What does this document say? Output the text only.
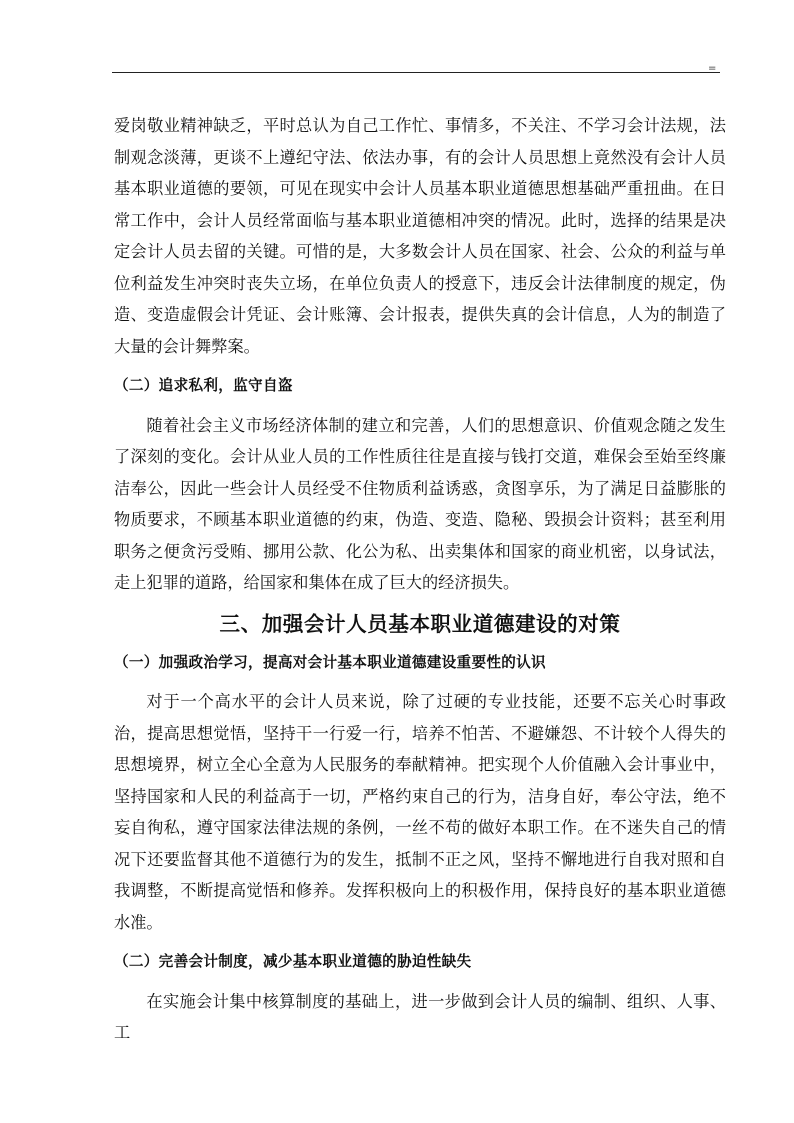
=

爱岗敬业精神缺乏，平时总认为自己工作忙、事情多，不关注、不学习会计法规，法制观念淡薄，更谈不上遵纪守法、依法办事，有的会计人员思想上竟然没有会计人员基本职业道德的要领，可见在现实中会计人员基本职业道德思想基础严重扭曲。在日常工作中，会计人员经常面临与基本职业道德相冲突的情况。此时，选择的结果是决定会计人员去留的关键。可惜的是，大多数会计人员在国家、社会、公众的利益与单位利益发生冲突时丧失立场，在单位负责人的授意下，违反会计法律制度的规定，伪造、变造虚假会计凭证、会计账簿、会计报表，提供失真的会计信息，人为的制造了大量的会计舞弊案。

（二）追求私利，监守自盗

随着社会主义市场经济体制的建立和完善，人们的思想意识、价值观念随之发生了深刻的变化。会计从业人员的工作性质往往是直接与钱打交道，难保会至始至终廉洁奉公，因此一些会计人员经受不住物质利益诱惑，贪图享乐，为了满足日益膨胀的物质要求，不顾基本职业道德的约束，伪造、变造、隐秘、毁损会计资料；甚至利用职务之便贪污受贿、挪用公款、化公为私、出卖集体和国家的商业机密，以身试法，走上犯罪的道路，给国家和集体在成了巨大的经济损失。

三、加强会计人员基本职业道德建设的对策

（一）加强政治学习，提高对会计基本职业道德建设重要性的认识

对于一个高水平的会计人员来说，除了过硬的专业技能，还要不忘关心时事政治，提高思想觉悟，坚持干一行爱一行，培养不怕苦、不避嫌怨、不计较个人得失的思想境界，树立全心全意为人民服务的奉献精神。把实现个人价值融入会计事业中，坚持国家和人民的利益高于一切，严格约束自己的行为，洁身自好，奉公守法，绝不妄自徇私，遵守国家法律法规的条例，一丝不苟的做好本职工作。在不迷失自己的情况下还要监督其他不道德行为的发生，抵制不正之风，坚持不懈地进行自我对照和自我调整，不断提高觉悟和修养。发挥积极向上的积极作用，保持良好的基本职业道德水准。

（二）完善会计制度，减少基本职业道德的胁迫性缺失

在实施会计集中核算制度的基础上，进一步做到会计人员的编制、组织、人事、工
